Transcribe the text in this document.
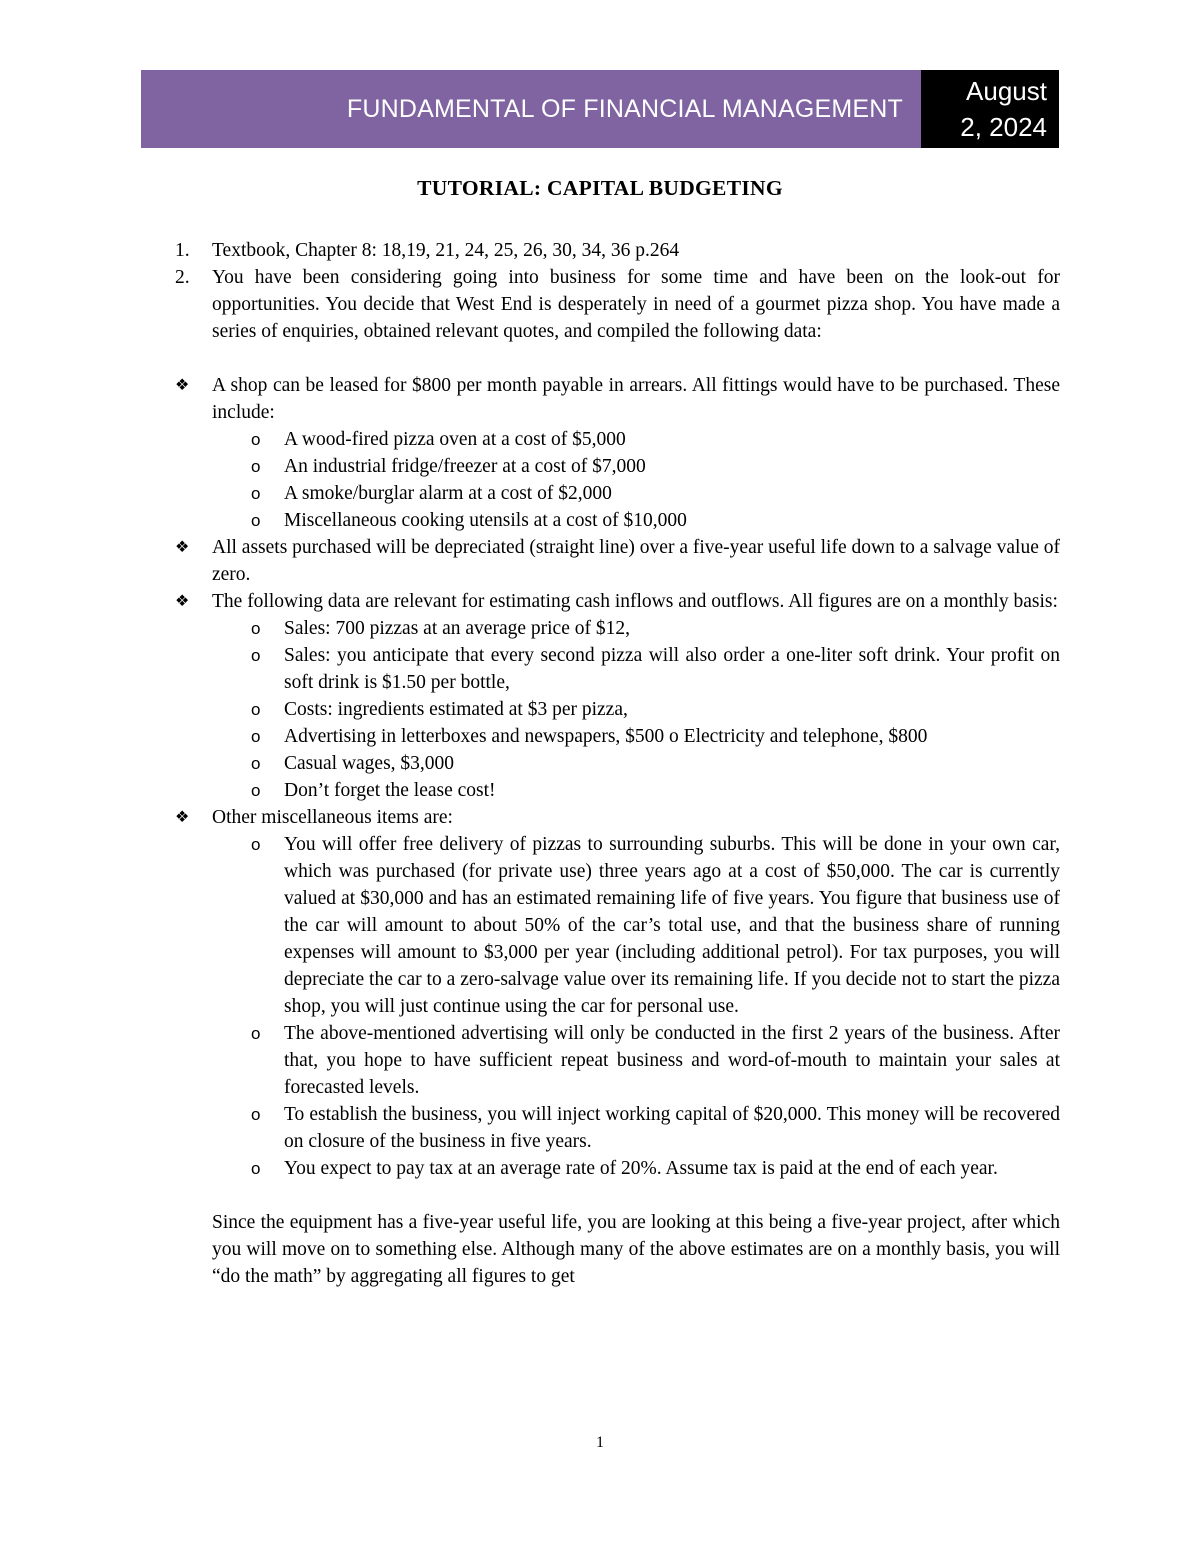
FUNDAMENTAL OF FINANCIAL MANAGEMENT
August
2, 2024
TUTORIAL: CAPITAL BUDGETING
1.	Textbook, Chapter 8: 18,19, 21, 24, 25, 26, 30, 34, 36 p.264
2.	You have been considering going into business for some time and have been on the look-out for opportunities. You decide that West End is desperately in need of a gourmet pizza shop. You have made a series of enquiries, obtained relevant quotes, and compiled the following data:
❖	A shop can be leased for $800 per month payable in arrears. All fittings would have to be purchased. These include:
o	A wood-fired pizza oven at a cost of $5,000
o	An industrial fridge/freezer at a cost of $7,000
o	A smoke/burglar alarm at a cost of $2,000
o	Miscellaneous cooking utensils at a cost of $10,000
❖	All assets purchased will be depreciated (straight line) over a five-year useful life down to a salvage value of zero.
❖	The following data are relevant for estimating cash inflows and outflows. All figures are on a monthly basis:
o	Sales: 700 pizzas at an average price of $12,
o	Sales: you anticipate that every second pizza will also order a one-liter soft drink. Your profit on soft drink is $1.50 per bottle,
o	Costs: ingredients estimated at $3 per pizza,
o	Advertising in letterboxes and newspapers, $500 o Electricity and telephone, $800
o	Casual wages, $3,000
o	Don’t forget the lease cost!
❖	Other miscellaneous items are:
o	You will offer free delivery of pizzas to surrounding suburbs. This will be done in your own car, which was purchased (for private use) three years ago at a cost of $50,000. The car is currently valued at $30,000 and has an estimated remaining life of five years. You figure that business use of the car will amount to about 50% of the car’s total use, and that the business share of running expenses will amount to $3,000 per year (including additional petrol). For tax purposes, you will depreciate the car to a zero-salvage value over its remaining life. If you decide not to start the pizza shop, you will just continue using the car for personal use.
o	The above-mentioned advertising will only be conducted in the first 2 years of the business. After that, you hope to have sufficient repeat business and word-of-mouth to maintain your sales at forecasted levels.
o	To establish the business, you will inject working capital of $20,000. This money will be recovered on closure of the business in five years.
o	You expect to pay tax at an average rate of 20%. Assume tax is paid at the end of each year.
Since the equipment has a five-year useful life, you are looking at this being a five-year project, after which you will move on to something else. Although many of the above estimates are on a monthly basis, you will “do the math” by aggregating all figures to get
1
